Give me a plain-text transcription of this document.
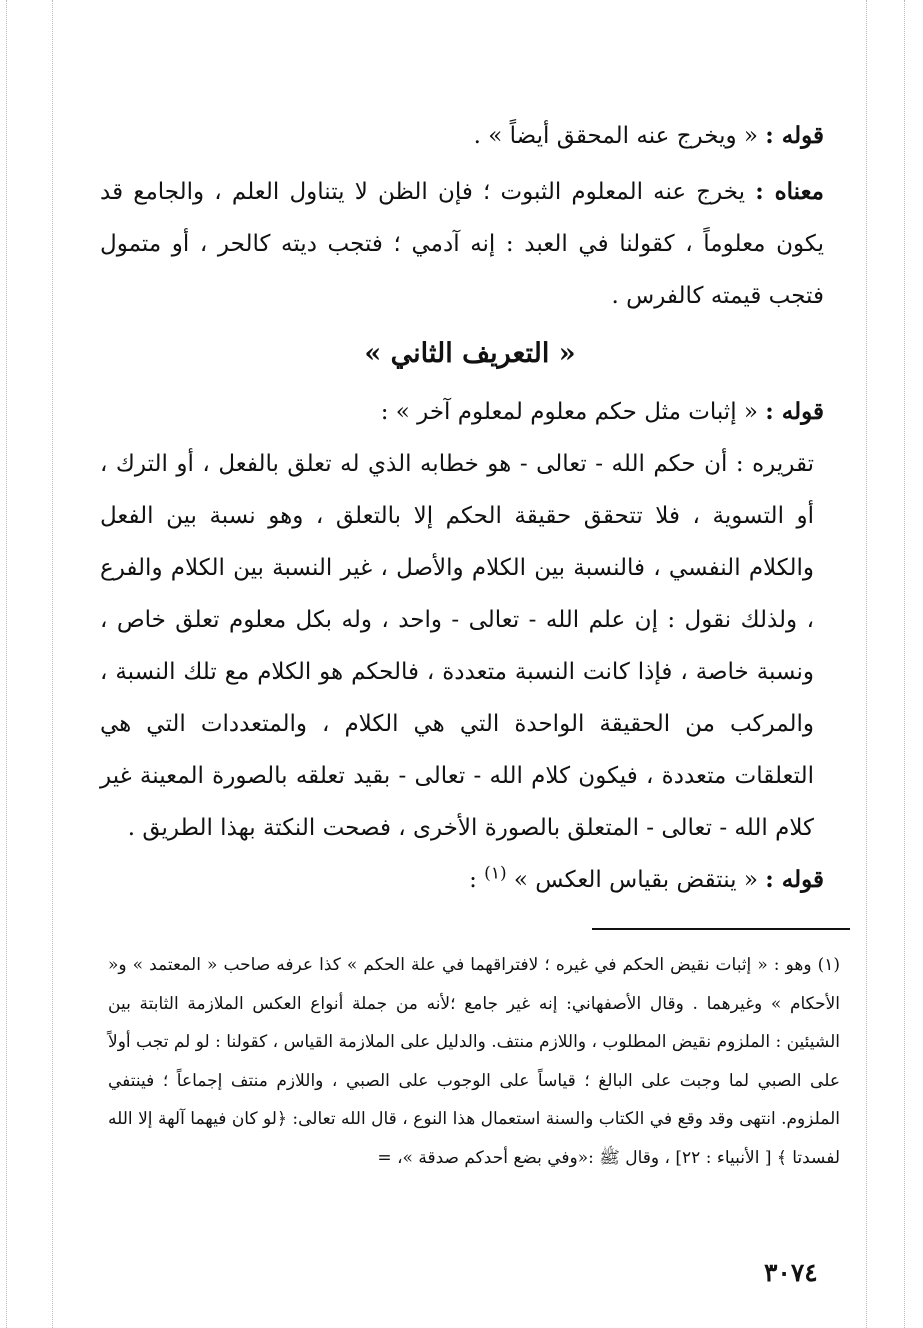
قوله : « ويخرج عنه المحقق أيضاً » .

معناه : يخرج عنه المعلوم الثبوت ؛ فإن الظن لا يتناول العلم ، والجامع قد يكون معلوماً ، كقولنا في العبد : إنه آدمي ؛ فتجب ديته كالحر ، أو متمول فتجب قيمته كالفرس .

« التعريف الثاني »

قوله : « إثبات مثل حكم معلوم لمعلوم آخر » :

تقريره : أن حكم الله - تعالى - هو خطابه الذي له تعلق بالفعل ، أو الترك ، أو التسوية ، فلا تتحقق حقيقة الحكم إلا بالتعلق ، وهو نسبة بين الفعل والكلام النفسي ، فالنسبة بين الكلام والأصل ، غير النسبة بين الكلام والفرع ، ولذلك نقول : إن علم الله - تعالى - واحد ، وله بكل معلوم تعلق خاص ، ونسبة خاصة ، فإذا كانت النسبة متعددة ، فالحكم هو الكلام مع تلك النسبة ، والمركب من الحقيقة الواحدة التي هي الكلام ، والمتعددات التي هي التعلقات متعددة ، فيكون كلام الله - تعالى - بقيد تعلقه بالصورة المعينة غير كلام الله - تعالى - المتعلق بالصورة الأخرى ، فصحت النكتة بهذا الطريق .

قوله : « ينتقض بقياس العكس » $^{(١)}$ :

(١) وهو : « إثبات نقيض الحكم في غيره ؛ لافتراقهما في علة الحكم » كذا عرفه صاحب « المعتمد » و« الأحكام » وغيرهما . وقال الأصفهاني: إنه غير جامع ؛لأنه من جملة أنواع العكس الملازمة الثابتة بين الشيئين : الملزوم نقيض المطلوب ، واللازم منتف. والدليل على الملازمة القياس ، كقولنا : لو لم تجب أولاً على الصبي لما وجبت على البالغ ؛ قياساً على الوجوب على الصبي ، واللازم منتف إجماعاً ؛ فينتفي الملزوم. انتهى وقد وقع في الكتاب والسنة استعمال هذا النوع ، قال الله تعالى: ﴿لو كان فيهما آلهة إلا الله لفسدتا ﴾ [ الأنبياء : ٢٢] ، وقال ﷺ :«وفي بضع أحدكم صدقة »، =

٣٠٧٤
